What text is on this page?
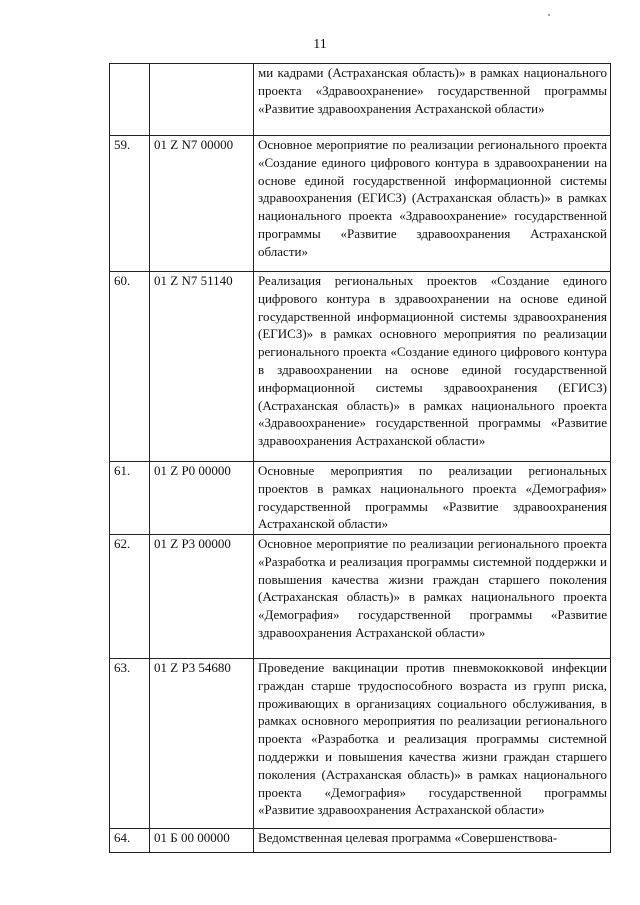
11
		ми кадрами (Астраханская область)» в рамках национального проекта «Здравоохранение» государственной программы «Развитие здравоохранения Астраханской области»
59.	01 Z N7 00000	Основное мероприятие по реализации регионального проекта «Создание единого цифрового контура в здравоохранении на основе единой государственной информационной системы здравоохранения (ЕГИСЗ) (Астраханская область)» в рамках национального проекта «Здравоохранение» государственной программы «Развитие здравоохранения Астраханской области»
60.	01 Z N7 51140	Реализация региональных проектов «Создание единого цифрового контура в здравоохранении на основе единой государственной информационной системы здравоохранения (ЕГИСЗ)» в рамках основного мероприятия по реализации регионального проекта «Создание единого цифрового контура в здравоохранении на основе единой государственной информационной системы здравоохранения (ЕГИСЗ) (Астраханская область)» в рамках национального проекта «Здравоохранение» государственной программы «Развитие здравоохранения Астраханской области»
61.	01 Z P0 00000	Основные мероприятия по реализации региональных проектов в рамках национального проекта «Демография» государственной программы «Развитие здравоохранения Астраханской области»
62.	01 Z P3 00000	Основное мероприятие по реализации регионального проекта «Разработка и реализация программы системной поддержки и повышения качества жизни граждан старшего поколения (Астраханская область)» в рамках национального проекта «Демография» государственной программы «Развитие здравоохранения Астраханской области»
63.	01 Z P3 54680	Проведение вакцинации против пневмококковой инфекции граждан старше трудоспособного возраста из групп риска, проживающих в организациях социального обслуживания, в рамках основного мероприятия по реализации регионального проекта «Разработка и реализация программы системной поддержки и повышения качества жизни граждан старшего поколения (Астраханская область)» в рамках национального проекта «Демография» государственной программы «Развитие здравоохранения Астраханской области»
64.	01 Б 00 00000	Ведомственная целевая программа «Совершенствова-
